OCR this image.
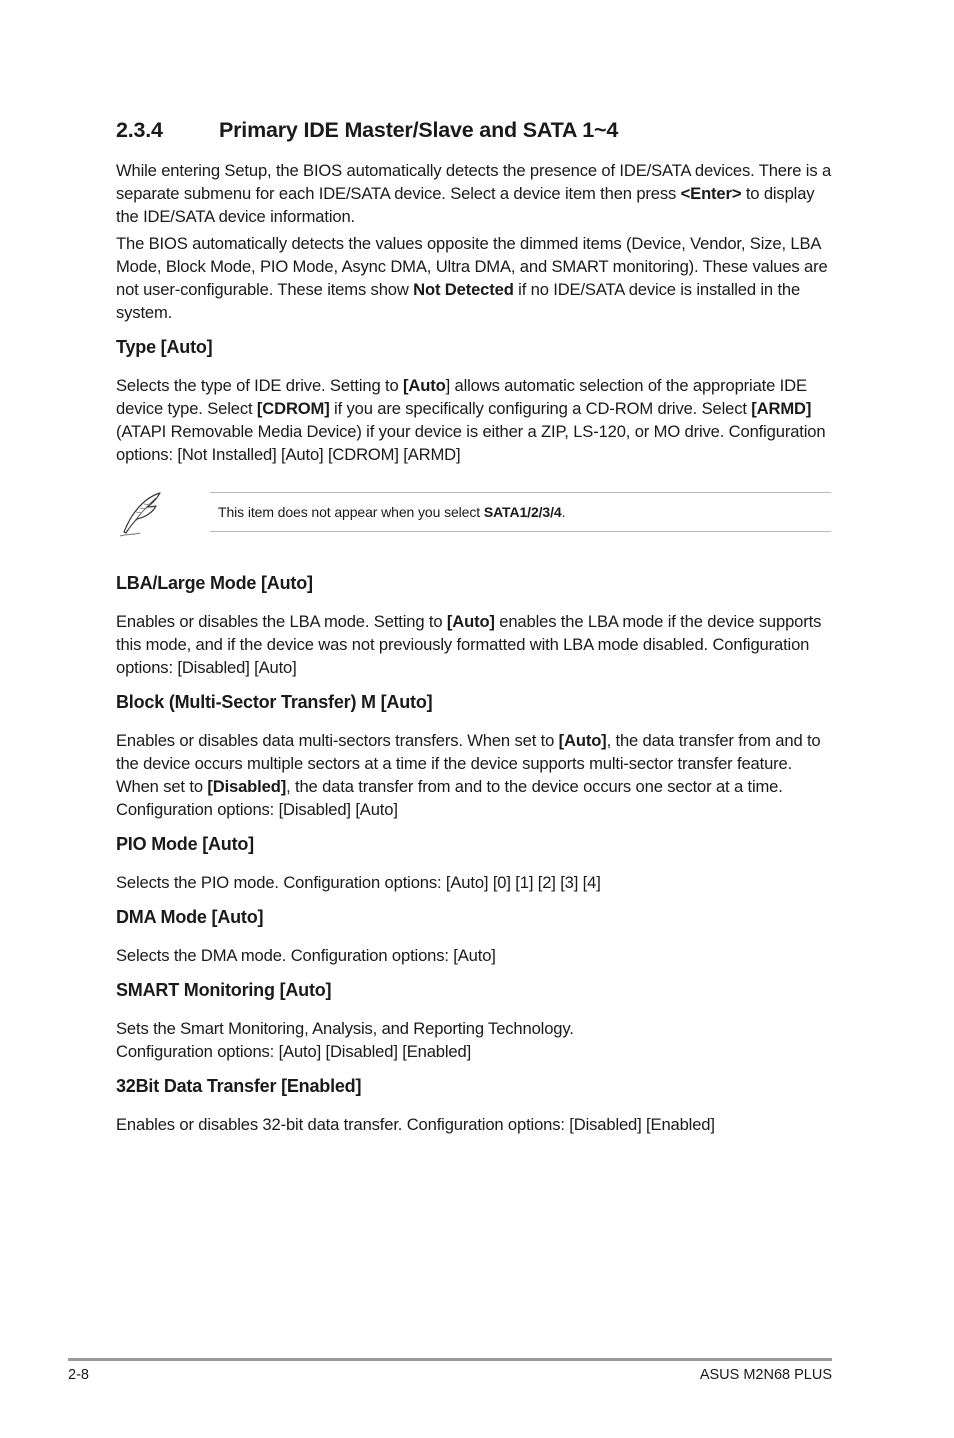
2.3.4	Primary IDE Master/Slave and SATA 1~4

While entering Setup, the BIOS automatically detects the presence of IDE/SATA devices. There is a separate submenu for each IDE/SATA device. Select a device item then press <Enter> to display the IDE/SATA device information.

The BIOS automatically detects the values opposite the dimmed items (Device, Vendor, Size, LBA Mode, Block Mode, PIO Mode, Async DMA, Ultra DMA, and SMART monitoring). These values are not user-configurable. These items show Not Detected if no IDE/SATA device is installed in the system.

Type [Auto]

Selects the type of IDE drive. Setting to [Auto] allows automatic selection of the appropriate IDE device type. Select [CDROM] if you are specifically configuring a CD-ROM drive. Select [ARMD] (ATAPI Removable Media Device) if your device is either a ZIP, LS-120, or MO drive. Configuration options: [Not Installed] [Auto] [CDROM] [ARMD]

This item does not appear when you select SATA1/2/3/4.
LBA/Large Mode [Auto]

Enables or disables the LBA mode. Setting to [Auto] enables the LBA mode if the device supports this mode, and if the device was not previously formatted with LBA mode disabled. Configuration options: [Disabled] [Auto]

Block (Multi-Sector Transfer) M [Auto]

Enables or disables data multi-sectors transfers. When set to [Auto], the data transfer from and to the device occurs multiple sectors at a time if the device supports multi-sector transfer feature. When set to [Disabled], the data transfer from and to the device occurs one sector at a time. Configuration options: [Disabled] [Auto]

PIO Mode [Auto]

Selects the PIO mode. Configuration options: [Auto] [0] [1] [2] [3] [4]

DMA Mode [Auto]

Selects the DMA mode. Configuration options: [Auto]

SMART Monitoring [Auto]

Sets the Smart Monitoring, Analysis, and Reporting Technology.
Configuration options: [Auto] [Disabled] [Enabled]

32Bit Data Transfer [Enabled]

Enables or disables 32-bit data transfer. Configuration options: [Disabled] [Enabled]

2-8	ASUS M2N68 PLUS
